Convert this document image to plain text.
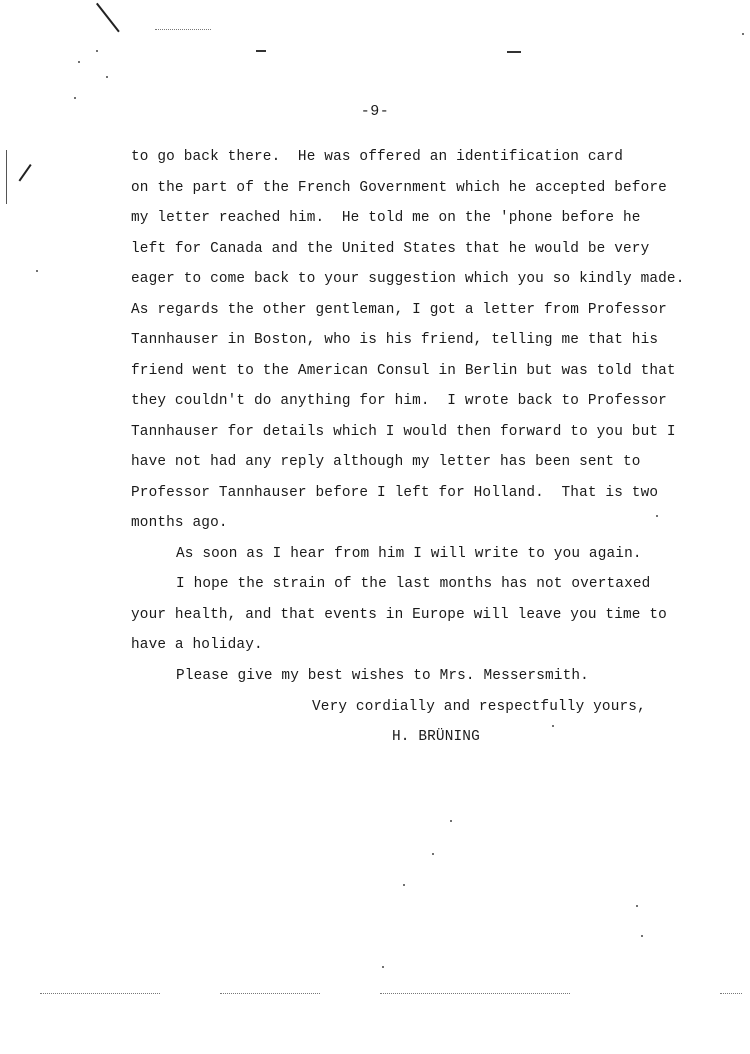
-9-
to go back there.  He was offered an identification card
on the part of the French Government which he accepted before
my letter reached him.  He told me on the 'phone before he
left for Canada and the United States that he would be very
eager to come back to your suggestion which you so kindly made.
As regards the other gentleman, I got a letter from Professor
Tannhauser in Boston, who is his friend, telling me that his
friend went to the American Consul in Berlin but was told that
they couldn't do anything for him.  I wrote back to Professor
Tannhauser for details which I would then forward to you but I
have not had any reply although my letter has been sent to
Professor Tannhauser before I left for Holland.  That is two
months ago.
As soon as I hear from him I will write to you again.
I hope the strain of the last months has not overtaxed
your health, and that events in Europe will leave you time to
have a holiday.
Please give my best wishes to Mrs. Messersmith.
Very cordially and respectfully yours,
H. BRÜNING
